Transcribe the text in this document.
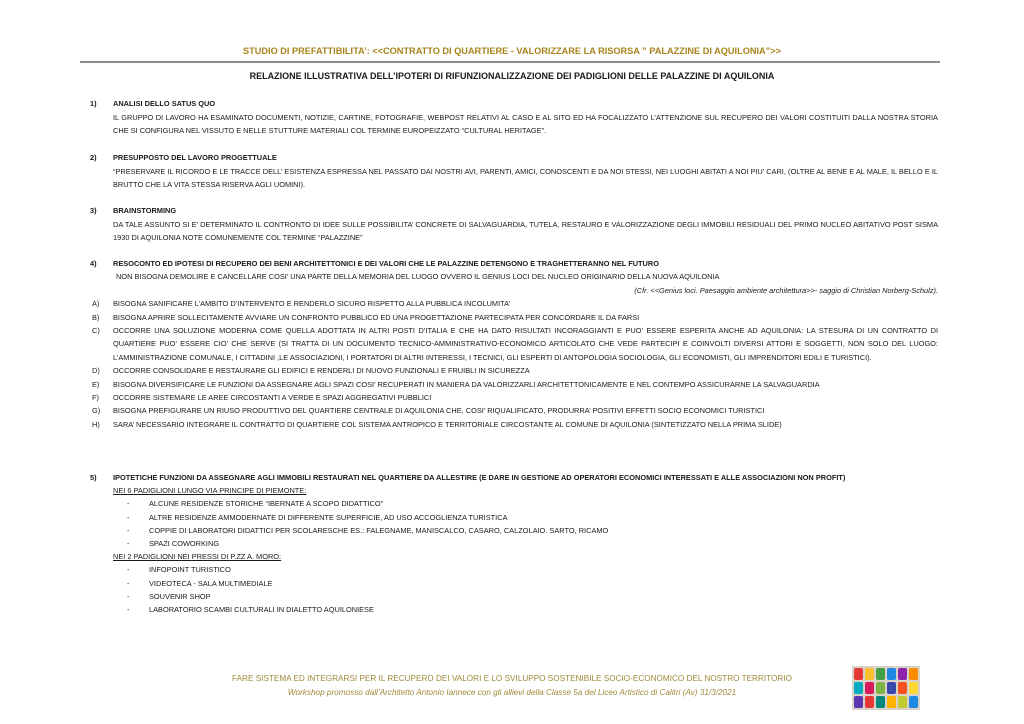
STUDIO DI PREFATTIBILITA’: <<CONTRATTO DI QUARTIERE - VALORIZZARE LA RISORSA ” PALAZZINE DI AQUILONIA”>>
RELAZIONE ILLUSTRATIVA DELL’IPOTERI DI RIFUNZIONALIZZAZIONE DEI PADIGLIONI DELLE PALAZZINE DI AQUILONIA
1)	ANALISI DELLO SATUS QUO
IL GRUPPO DI LAVORO HA ESAMINATO DOCUMENTI, NOTIZIE, CARTINE, FOTOGRAFIE, WEBPOST RELATIVI AL CASO E AL SITO ED HA FOCALIZZATO L’ATTENZIONE SUL RECUPERO DEI VALORI COSTITUITI DALLA NOSTRA STORIA CHE SI CONFIGURA NEL VISSUTO E NELLE STUTTURE MATERIALI COL TERMINE EUROPEIZZATO “CULTURAL HERITAGE”.
2)	PRESUPPOSTO DEL LAVORO PROGETTUALE
“PRESERVARE IL RICORDO E LE TRACCE DELL’ ESISTENZA ESPRESSA NEL PASSATO DAI NOSTRI AVI, PARENTI, AMICI, CONOSCENTI E DA NOI STESSI, NEI LUOGHI ABITATI A NOI PIU’ CARI, (OLTRE AL BENE E AL MALE, IL BELLO E IL BRUTTO CHE LA VITA STESSA RISERVA AGLI UOMINI).
3)	BRAINSTORMING
DA TALE ASSUNTO SI E’ DETERMINATO IL CONTRONTO DI IDEE SULLE POSSIBILITA’ CONCRETE DI SALVAGUARDIA, TUTELA, RESTAURO E VALORIZZAZIONE DEGLI IMMOBILI RESIDUALI DEL PRIMO NUCLEO ABITATIVO POST SISMA 1930 DI AQUILONIA NOTE COMUNEMENTE COL TERMINE “PALAZZINE”
4)	RESOCONTO ED IPOTESI DI RECUPERO DEI BENI ARCHITETTONICI E DEI VALORI CHE LE PALAZZINE DETENGONO E TRAGHETTERANNO NEL FUTURO
NON BISOGNA DEMOLIRE E CANCELLARE COSI’ UNA PARTE DELLA MEMORIA DEL LUOGO OVVERO IL GENIUS LOCI DEL NUCLEO ORIGINARIO DELLA NUOVA AQUILONIA
(Cfr. <<Genius loci. Paesaggio ambiente architettura>>- saggio di Christian Norberg-Schulz).
A)	BISOGNA SANIFICARE L’AMBITO D’INTERVENTO E RENDERLO SICURO RISPETTO ALLA PUBBLICA INCOLUMITA’
B)	BISOGNA APRIRE SOLLECITAMENTE AVVIARE UN CONFRONTO PUBBLICO ED UNA PROGETTAZIONE PARTECIPATA PER CONCORDARE IL DA FARSI
C)	OCCORRE UNA SOLUZIONE MODERNA COME QUELLA ADOTTATA IN ALTRI POSTI D’ITALIA E CHE HA DATO RISULTATI INCORAGGIANTI E PUO’ ESSERE ESPERITA ANCHE AD AQUILONIA: LA STESURA DI UN CONTRATTO DI QUARTIERE PUO’ ESSERE CIO’ CHE SERVE (SI TRATTA DI UN DOCUMENTO TECNICO-AMMINISTRATIVO-ECONOMICO ARTICOLATO CHE VEDE PARTECIPI E COINVOLTI DIVERSI ATTORI E SOGGETTI, NON SOLO DEL LUOGO: L’AMMINISTRAZIONE COMUNALE, I CITTADINI ,LE ASSOCIAZIONI, I PORTATORI DI ALTRI INTERESSI, I TECNICI, GLI ESPERTI DI ANTOPOLOGIA SOCIOLOGIA, GLI ECONOMISTI, GLI IMPRENDITORI EDILI E TURISTICI).
D)	OCCORRE CONSOLIDARE E RESTAURARE GLI EDIFICI E RENDERLI DI NUOVO FUNZIONALI E FRUIBLI IN SICUREZZA
E)	BISOGNA DIVERSIFICARE LE FUNZIONI DA ASSEGNARE AGLI SPAZI COSI’ RECUPERATI IN MANIERA DA VALORIZZARLI ARCHITETTONICAMENTE E NEL CONTEMPO ASSICURARNE LA SALVAGUARDIA
F)	OCCORRE SISTEMARE LE AREE CIRCOSTANTI A VERDE E SPAZI AGGREGATIVI PUBBLICI
G)	BISOGNA PREFIGURARE UN RIUSO PRODUTTIVO DEL QUARTIERE CENTRALE DI AQUILONIA CHE, COSI’ RIQUALIFICATO, PRODURRA’ POSITIVI EFFETTI SOCIO ECONOMICI TURISTICI
H)	SARA’ NECESSARIO INTEGRARE IL CONTRATTO DI QUARTIERE COL SISTEMA ANTROPICO E TERRITORIALE CIRCOSTANTE AL COMUNE DI AQUILONIA (SINTETIZZATO NELLA PRIMA SLIDE)
5)	IPOTETICHE FUNZIONI DA ASSEGNARE AGLI IMMOBILI RESTAURATI NEL QUARTIERE DA ALLESTIRE (E DARE IN GESTIONE AD OPERATORI ECONOMICI INTERESSATI E ALLE ASSOCIAZIONI NON PROFIT)
NEI 6 PADIGLIONI LUNGO VIA PRINCIPE DI PIEMONTE:
-	ALCUNE RESIDENZE STORICHE “IBERNATE A SCOPO DIDATTICO”
-	ALTRE RESIDENZE AMMODERNATE DI DIFFERENTE SUPERFICIE, AD USO ACCOGLIENZA TURISTICA
-	COPPIE DI LABORATORI DIDATTICI PER SCOLARESCHE ES.: FALEGNAME, MANISCALCO, CASARO, CALZOLAIO. SARTO, RICAMO
-	SPAZI COWORKING
NEI 2 PADIGLIONI NEI PRESSI DI P.ZZ A. MORO:
-	INFOPOINT TURISTICO
-	VIDEOTECA - SALA MULTIMEDIALE
-	SOUVENIR SHOP
-	LABORATORIO SCAMBI CULTURALI IN DIALETTO AQUILONIESE
FARE SISTEMA ED INTEGRARSI PER IL RECUPERO DEI VALORI E LO SVILUPPO SOSTENIBILE SOCIO-ECONOMICO DEL NOSTRO TERRITORIO
Workshop promosso dall’Architetto Antonio Iannece con gli allievi della Classe 5a del Liceo Artistico di Calitri (Av) 31/3/2021
